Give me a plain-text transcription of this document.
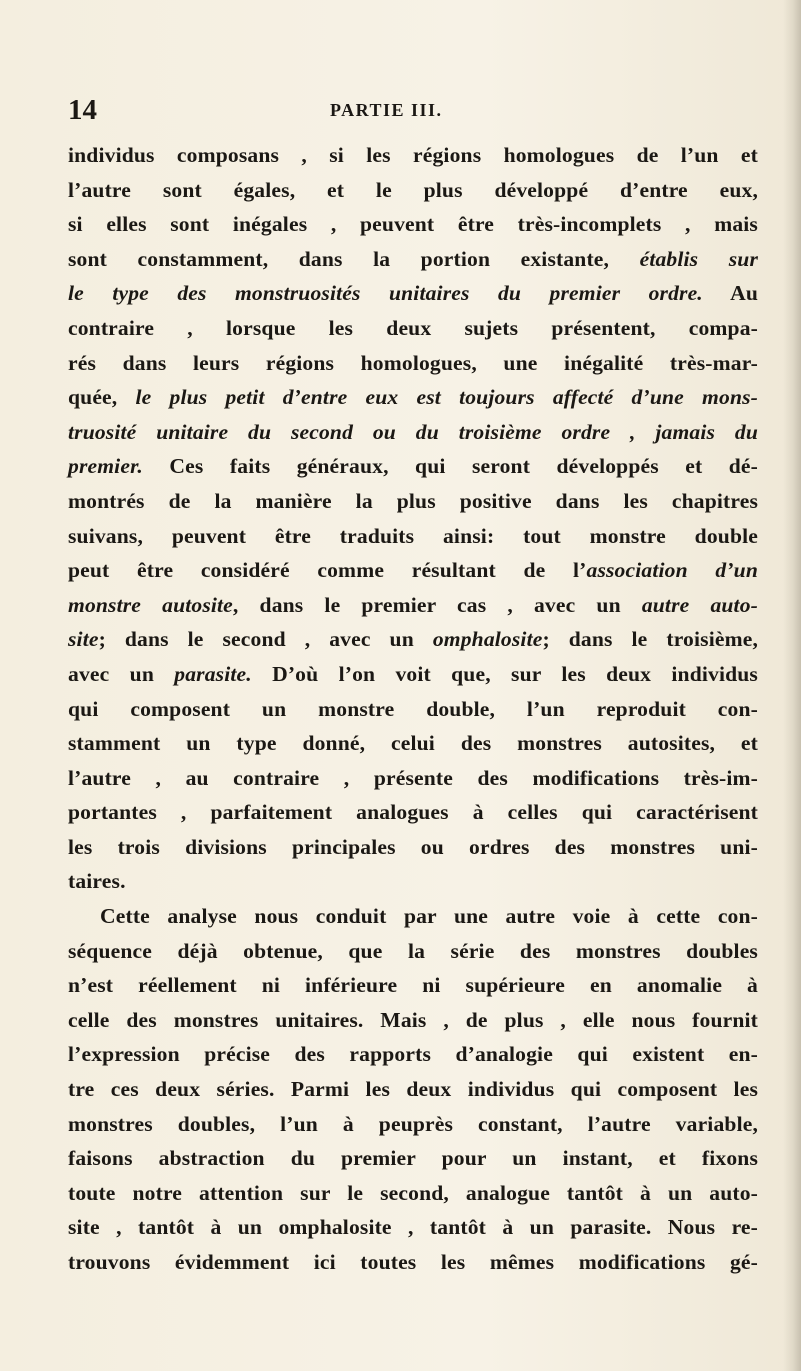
14	PARTIE III.
individus composans , si les régions homologues de l’un et
l’autre sont égales, et le plus développé d’entre eux,
si elles sont inégales , peuvent être très-incomplets , mais
sont constamment, dans la portion existante, établis sur
le type des monstruosités unitaires du premier ordre. Au
contraire , lorsque les deux sujets présentent, compa-
rés dans leurs régions homologues, une inégalité très-mar-
quée, le plus petit d’entre eux est toujours affecté d’une mons-
truosité unitaire du second ou du troisième ordre , jamais du
premier. Ces faits généraux, qui seront développés et dé-
montrés de la manière la plus positive dans les chapitres
suivans, peuvent être traduits ainsi: tout monstre double
peut être considéré comme résultant de l’association d’un
monstre autosite, dans le premier cas , avec un autre auto-
site; dans le second , avec un omphalosite; dans le troisième,
avec un parasite. D’où l’on voit que, sur les deux individus
qui composent un monstre double, l’un reproduit con-
stamment un type donné, celui des monstres autosites, et
l’autre , au contraire , présente des modifications très-im-
portantes , parfaitement analogues à celles qui caractérisent
les trois divisions principales ou ordres des monstres uni-
taires.
Cette analyse nous conduit par une autre voie à cette con-
séquence déjà obtenue, que la série des monstres doubles
n’est réellement ni inférieure ni supérieure en anomalie à
celle des monstres unitaires. Mais , de plus , elle nous fournit
l’expression précise des rapports d’analogie qui existent en-
tre ces deux séries. Parmi les deux individus qui composent les
monstres doubles, l’un à peuprès constant, l’autre variable,
faisons abstraction du premier pour un instant, et fixons
toute notre attention sur le second, analogue tantôt à un auto-
site , tantôt à un omphalosite , tantôt à un parasite. Nous re-
trouvons évidemment ici toutes les mêmes modifications gé-
